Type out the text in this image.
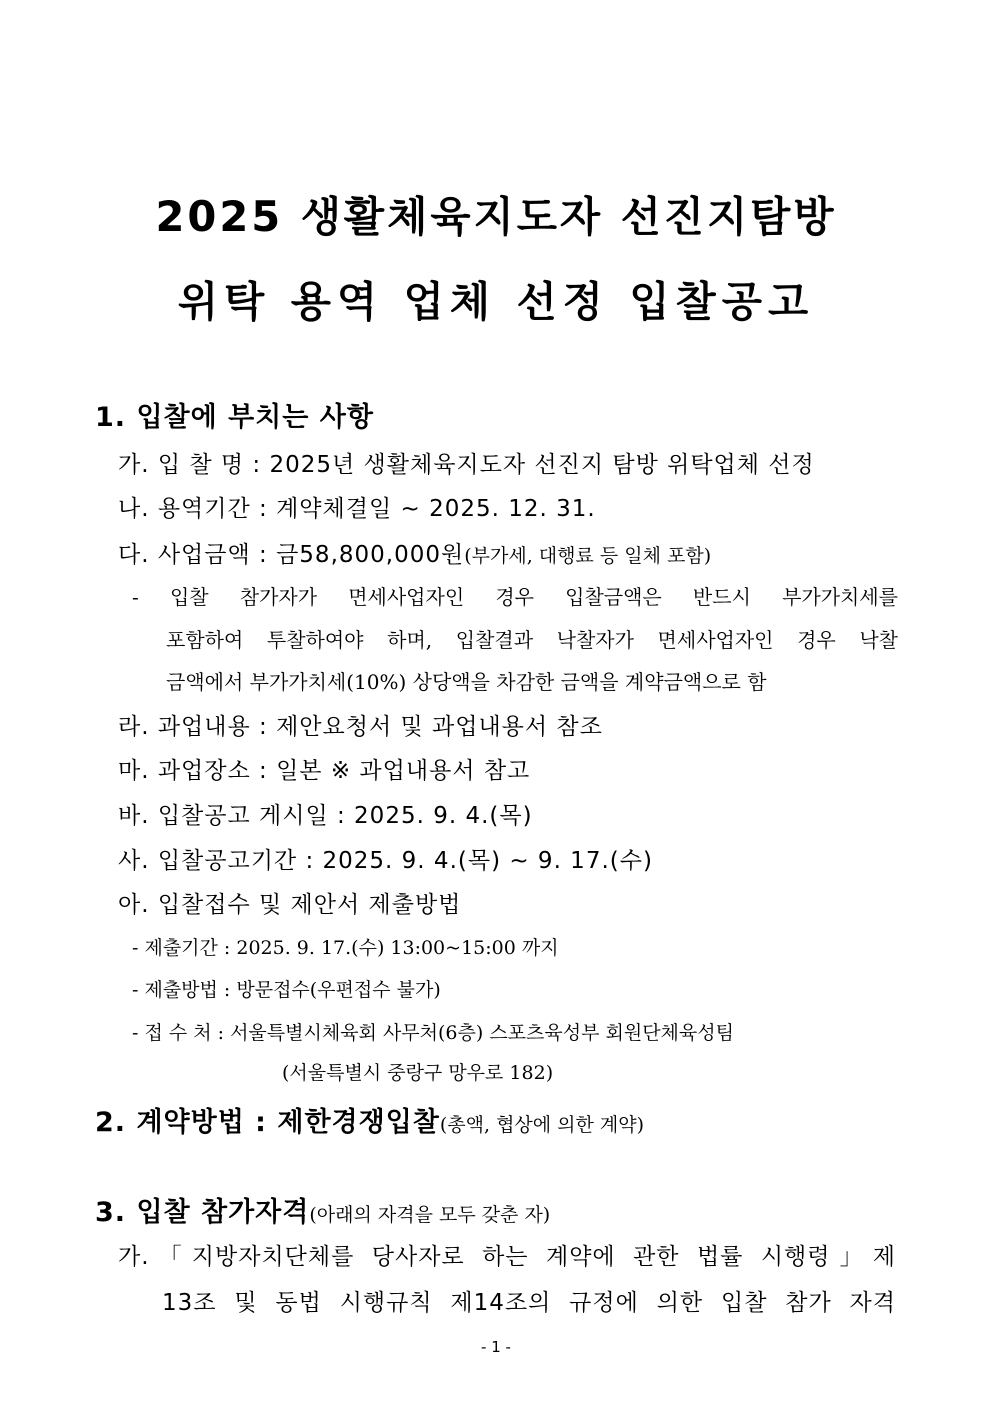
2025 생활체육지도자 선진지탐방
위탁 용역 업체 선정 입찰공고
1. 입찰에 부치는 사항
가. 입 찰 명 : 2025년 생활체육지도자 선진지 탐방 위탁업체 선정
나. 용역기간 : 계약체결일 ~ 2025. 12. 31.
다. 사업금액 : 금58,800,000원(부가세, 대행료 등 일체 포함)
- 입찰 참가자가 면세사업자인 경우 입찰금액은 반드시 부가가치세를
포함하여 투찰하여야 하며, 입찰결과 낙찰자가 면세사업자인 경우 낙찰
금액에서 부가가치세(10%) 상당액을 차감한 금액을 계약금액으로 함
라. 과업내용 : 제안요청서 및 과업내용서 참조
마. 과업장소 : 일본 ※ 과업내용서 참고
바. 입찰공고 게시일 : 2025. 9. 4.(목)
사. 입찰공고기간 : 2025. 9. 4.(목) ~ 9. 17.(수)
아. 입찰접수 및 제안서 제출방법
- 제출기간 : 2025. 9. 17.(수) 13:00~15:00 까지
- 제출방법 : 방문접수(우편접수 불가)
- 접 수 처 : 서울특별시체육회 사무처(6층) 스포츠육성부 회원단체육성팀
(서울특별시 중랑구 망우로 182)
2. 계약방법 : 제한경쟁입찰(총액, 협상에 의한 계약)
3. 입찰 참가자격(아래의 자격을 모두 갖춘 자)
가.「지방자치단체를 당사자로 하는 계약에 관한 법률 시행령」제
13조 및 동법 시행규칙 제14조의 규정에 의한 입찰 참가 자격
- 1 -
